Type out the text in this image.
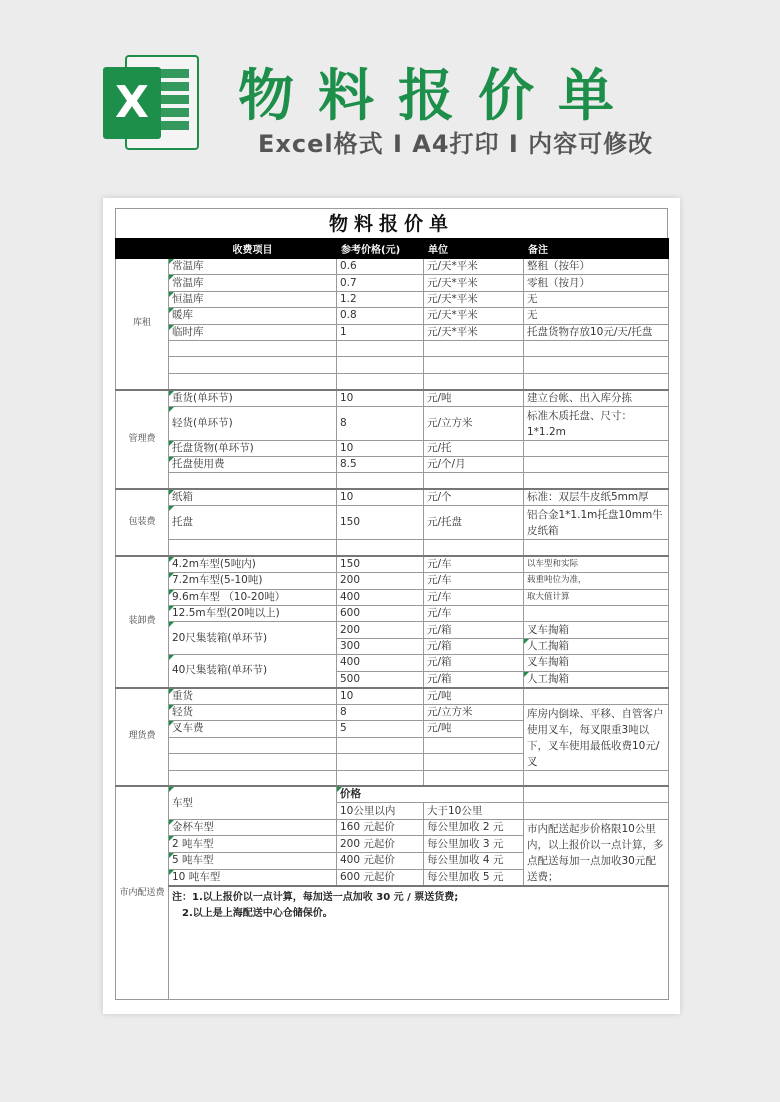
X 物料报价单
Excel格式 I A4打印 I 内容可修改
物料报价单
	收费项目	参考价格(元)	单位	备注
库租	常温库	0.6	元/天*平米	整租（按年）
	常温库	0.7	元/天*平米	零租（按月）
	恒温库	1.2	元/天*平米	无
	暖库	0.8	元/天*平米	无
	临时库	1	元/天*平米	托盘货物存放10元/天/托盘

管理费	重货(单环节)	10	元/吨	建立台帐、出入库分拣
	轻货(单环节)	8	元/立方米	标准木质托盘、尺寸：1*1.2m
	托盘货物(单环节)	10	元/托	
	托盘使用费	8.5	元/个/月	

包装费	纸箱	10	元/个	标准：双层牛皮纸5mm厚
	托盘	150	元/托盘	铝合金1*1.1m托盘10mm牛皮纸箱

装卸费	4.2m车型(5吨内)	150	元/车	以车型和实际
	7.2m车型(5-10吨)	200	元/车	载重吨位为准，
	9.6m车型 （10-20吨）	400	元/车	取大值计算
	12.5m车型(20吨以上)	600	元/车	
	20尺集装箱(单环节)	200	元/箱	叉车掏箱
		300	元/箱	人工掏箱
	40尺集装箱(单环节)	400	元/箱	叉车掏箱
		500	元/箱	人工掏箱
理货费	重货	10	元/吨	
	轻货	8	元/立方米	库房内倒垛、平移、自管客户使用叉车，每叉限重3吨以下，叉车使用最低收费10元/叉
	叉车费	5	元/吨	

市内配送费	车型	价格		
		10公里以内	大于10公里	
	金杯车型	160 元起价	每公里加收 2 元	市内配送起步价格限10公里内，以上报价以一点计算，多点配送每加一点加收30元配送费；
	2 吨车型	200 元起价	每公里加收 3 元	
	5 吨车型	400 元起价	每公里加收 4 元	
	10 吨车型	600 元起价	每公里加收 5 元	

	注：1.以上报价以一点计算，每加送一点加收 30 元 / 票送货费;
2.以上是上海配送中心仓储保价。			
